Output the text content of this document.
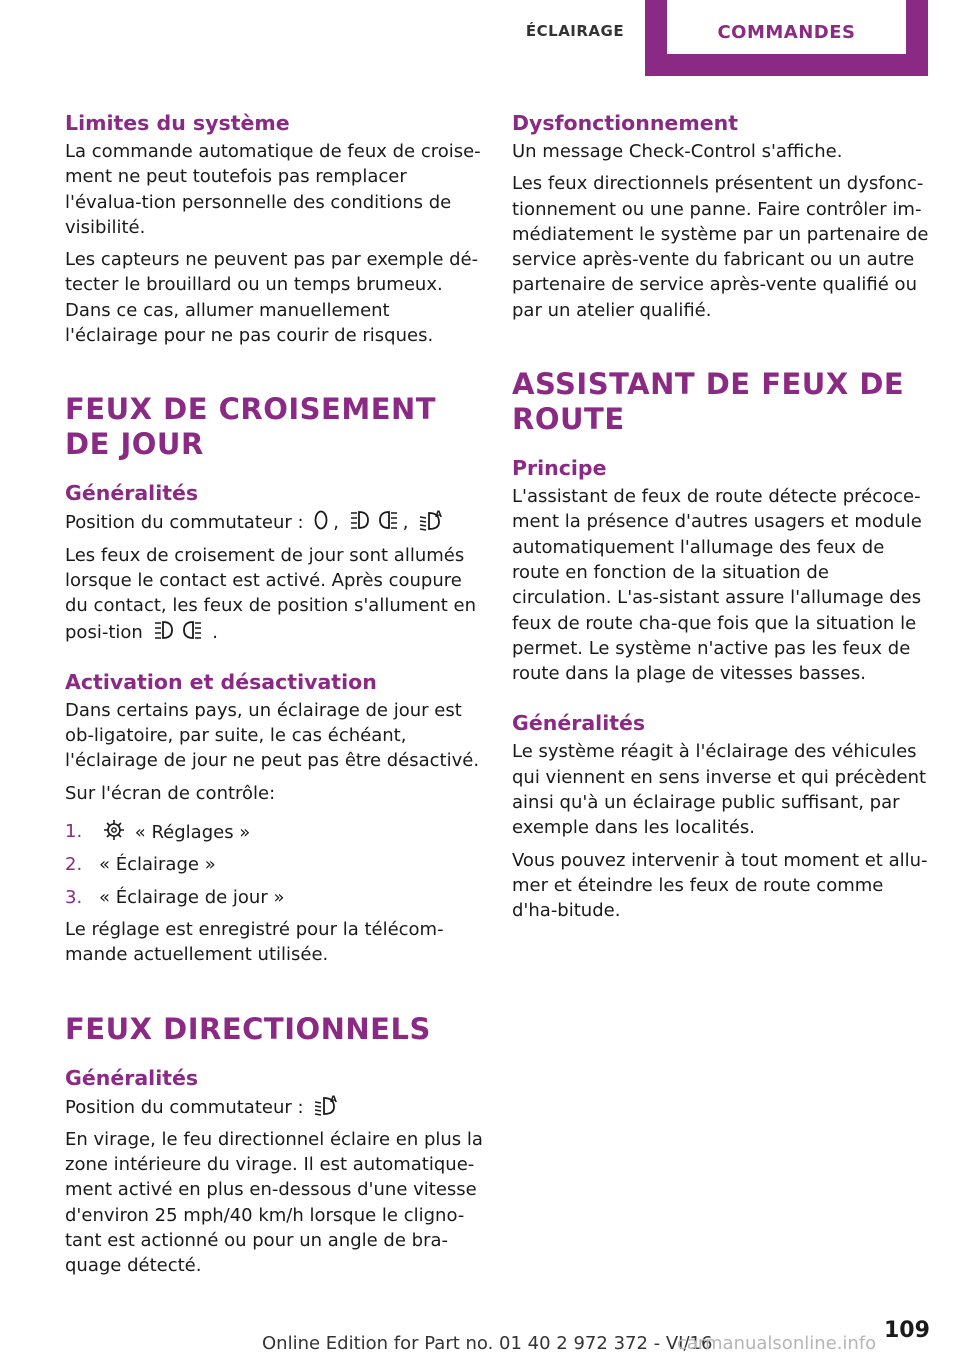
ÉCLAIRAGE	COMMANDES
Limites du système

La commande automatique de feux de croise-ment ne peut toutefois pas remplacer l'évalua-tion personnelle des conditions de visibilité.

Les capteurs ne peuvent pas par exemple dé-tecter le brouillard ou un temps brumeux. Dans ce cas, allumer manuellement l'éclairage pour ne pas courir de risques.

FEUX DE CROISEMENT DE JOUR
Généralités

Position du commutateur : ,	,	A

Les feux de croisement de jour sont allumés lorsque le contact est activé. Après coupure du contact, les feux de position s'allument en posi-tion	.

Activation et désactivation

Dans certains pays, un éclairage de jour est ob-ligatoire, par suite, le cas échéant, l'éclairage de jour ne peut pas être désactivé.

Sur l'écran de contrôle:

1.	« Réglages »
2. « Éclairage »
3. « Éclairage de jour »

Le réglage est enregistré pour la télécom-mande actuellement utilisée.

FEUX DIRECTIONNELS
Généralités

Position du commutateur :	A

En virage, le feu directionnel éclaire en plus la zone intérieure du virage. Il est automatique-ment activé en plus en-dessous d'une vitesse d'environ 25 mph/40 km/h lorsque le cligno-tant est actionné ou pour un angle de bra-quage détecté.

Dysfonctionnement

Un message Check-Control s'affiche.

Les feux directionnels présentent un dysfonc-tionnement ou une panne. Faire contrôler im-médiatement le système par un partenaire de service après-vente du fabricant ou un autre partenaire de service après-vente qualifié ou par un atelier qualifié.

ASSISTANT DE FEUX DE ROUTE
Principe

L'assistant de feux de route détecte précoce-ment la présence d'autres usagers et module automatiquement l'allumage des feux de route en fonction de la situation de circulation. L'as-sistant assure l'allumage des feux de route cha-que fois que la situation le permet. Le système n'active pas les feux de route dans la plage de vitesses basses.

Généralités

Le système réagit à l'éclairage des véhicules qui viennent en sens inverse et qui précèdent ainsi qu'à un éclairage public suffisant, par exemple dans les localités.

Vous pouvez intervenir à tout moment et allu-mer et éteindre les feux de route comme d'ha-bitude.

109
Online Edition for Part no. 01 40 2 972 372 - VI/16
carmanualsonline.info
